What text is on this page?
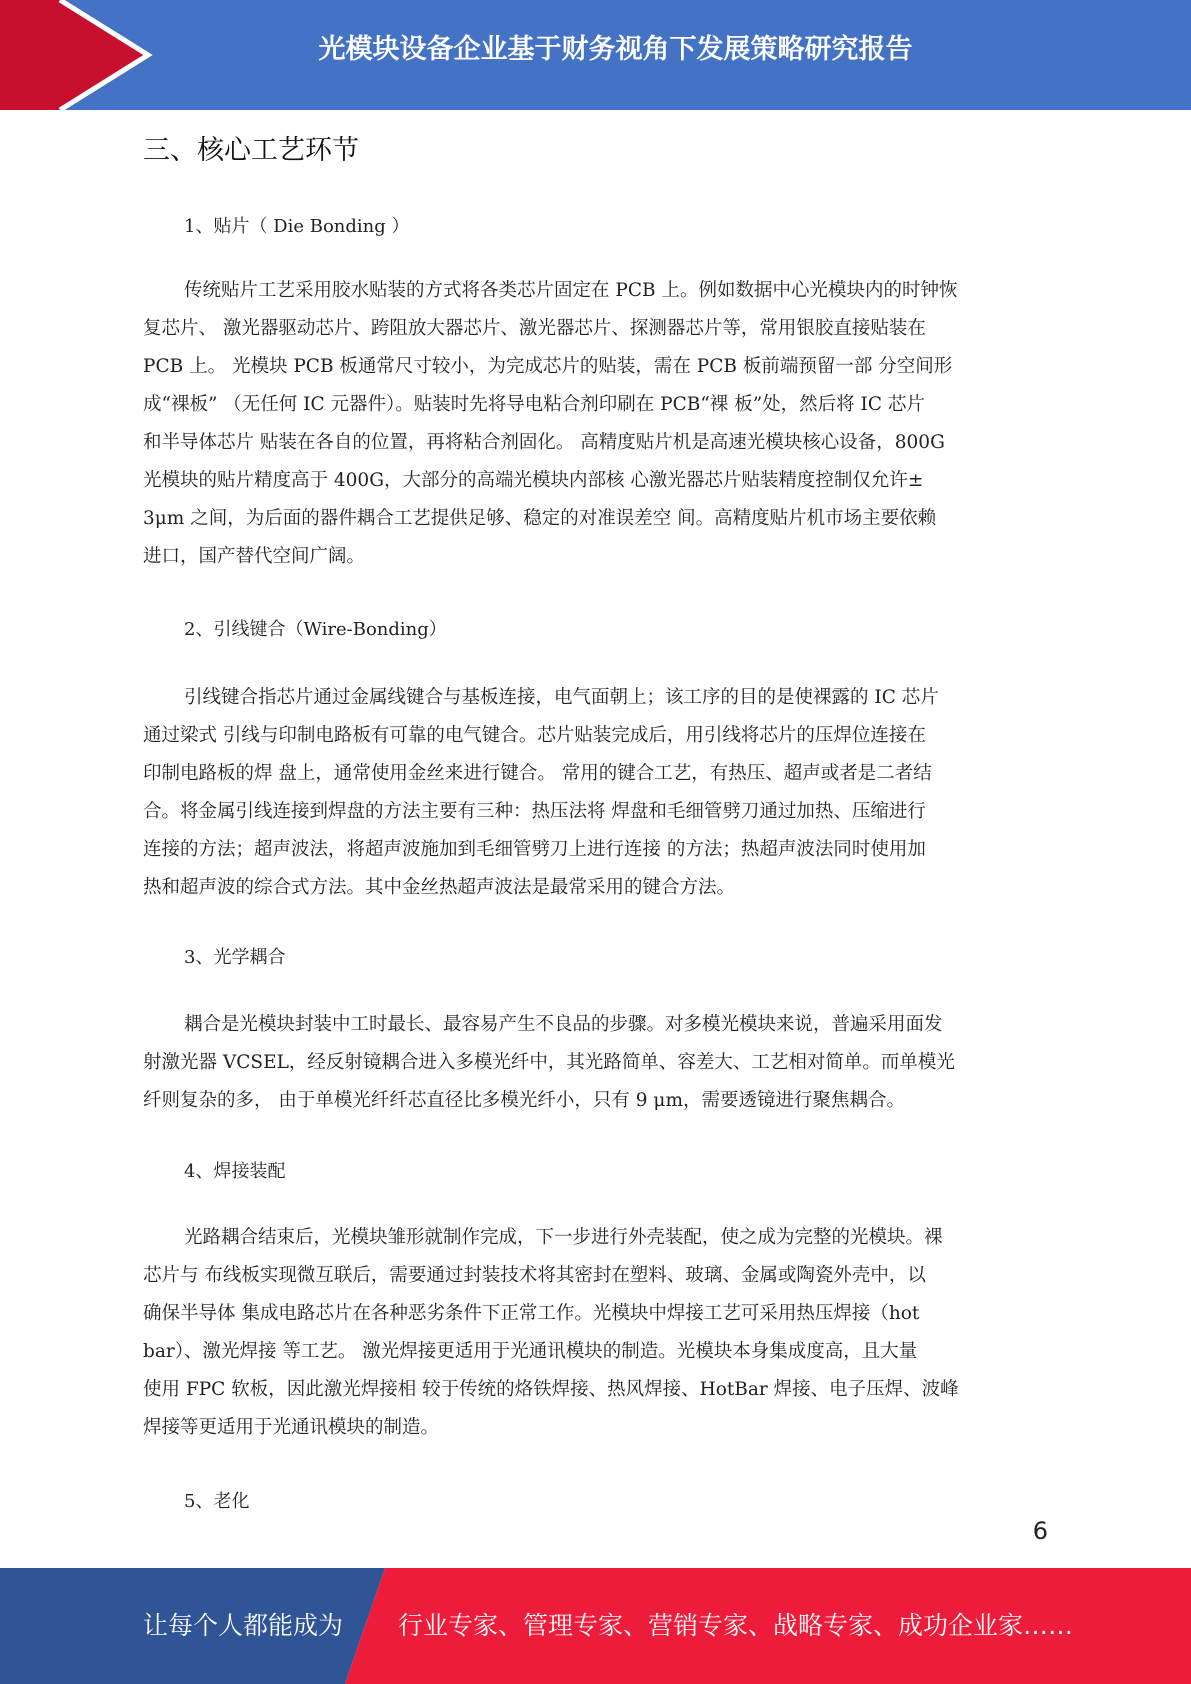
光模块设备企业基于财务视角下发展策略研究报告
三、核心工艺环节
1、贴片（ Die Bonding ）
传统贴片工艺采用胶水贴装的方式将各类芯片固定在 PCB 上。例如数据中心光模块内的时钟恢
复芯片、 激光器驱动芯片、跨阻放大器芯片、激光器芯片、探测器芯片等，常用银胶直接贴装在
PCB 上。 光模块 PCB 板通常尺寸较小，为完成芯片的贴装，需在 PCB 板前端预留一部 分空间形
成“裸板” （无任何 IC 元器件）。贴装时先将导电粘合剂印刷在 PCB“裸 板”处，然后将 IC 芯片
和半导体芯片 贴装在各自的位置，再将粘合剂固化。 高精度贴片机是高速光模块核心设备，800G
光模块的贴片精度高于 400G，大部分的高端光模块内部核 心激光器芯片贴装精度控制仅允许±
3μm 之间，为后面的器件耦合工艺提供足够、稳定的对准误差空 间。高精度贴片机市场主要依赖
进口，国产替代空间广阔。
2、引线键合（Wire-Bonding）
引线键合指芯片通过金属线键合与基板连接，电气面朝上；该工序的目的是使裸露的 IC 芯片
通过梁式 引线与印制电路板有可靠的电气键合。芯片贴装完成后，用引线将芯片的压焊位连接在
印制电路板的焊 盘上，通常使用金丝来进行键合。 常用的键合工艺，有热压、超声或者是二者结
合。将金属引线连接到焊盘的方法主要有三种：热压法将 焊盘和毛细管劈刀通过加热、压缩进行
连接的方法；超声波法，将超声波施加到毛细管劈刀上进行连接 的方法；热超声波法同时使用加
热和超声波的综合式方法。其中金丝热超声波法是最常采用的键合方法。
3、光学耦合
耦合是光模块封装中工时最长、最容易产生不良品的步骤。对多模光模块来说，普遍采用面发
射激光器 VCSEL，经反射镜耦合进入多模光纤中，其光路简单、容差大、工艺相对简单。而单模光
纤则复杂的多， 由于单模光纤纤芯直径比多模光纤小，只有 9 μm，需要透镜进行聚焦耦合。
4、焊接装配
光路耦合结束后，光模块雏形就制作完成，下一步进行外壳装配，使之成为完整的光模块。裸
芯片与 布线板实现微互联后，需要通过封装技术将其密封在塑料、玻璃、金属或陶瓷外壳中，以
确保半导体 集成电路芯片在各种恶劣条件下正常工作。光模块中焊接工艺可采用热压焊接（hot
bar）、激光焊接 等工艺。 激光焊接更适用于光通讯模块的制造。光模块本身集成度高，且大量
使用 FPC 软板，因此激光焊接相 较于传统的烙铁焊接、热风焊接、HotBar 焊接、电子压焊、波峰
焊接等更适用于光通讯模块的制造。
5、老化
6
让每个人都能成为 行业专家、管理专家、营销专家、战略专家、成功企业家……
